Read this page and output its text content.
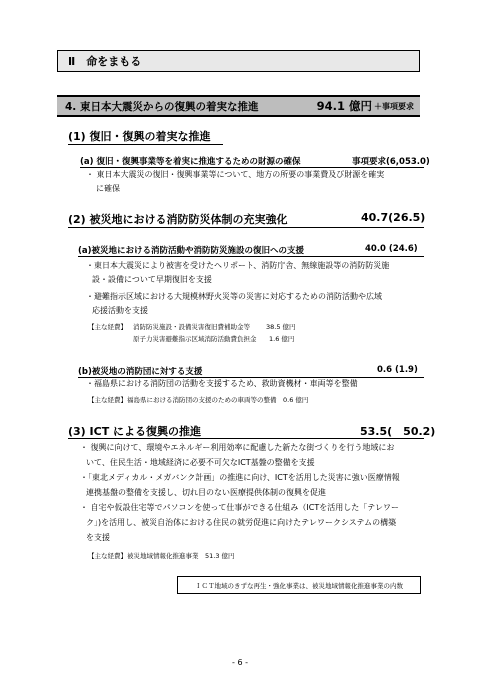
Ⅱ　命をまもる
4. 東日本大震災からの復興の着実な推進	94.1 億円 ＋事項要求
(1) 復旧・復興の着実な推進
(a) 復旧・復興事業等を着実に推進するための財源の確保	事項要求(6,053.0)
・ 東日本大震災の復旧・復興事業等について、地方の所要の事業費及び財源を確実
に確保
(2) 被災地における消防防災体制の充実強化	40.7(26.5)
(a)被災地における消防活動や消防防災施設の復旧への支援	40.0 (24.6)
・東日本大震災により被害を受けたヘリポート、消防庁舎、無線施設等の消防防災施
設・設備について早期復旧を支援
・避難指示区域における大規模林野火災等の災害に対応するための消防活動や広域
応援活動を支援
【主な経費】 消防防災施設・設備災害復旧費補助金等 38.5 億円
原子力災害避難指示区域消防活動費負担金 1.6 億円
(b)被災地の消防団に対する支援	0.6 (1.9)
・福島県における消防団の活動を支援するため、救助資機材・車両等を整備
【主な経費】福島県における消防団の支援のための車両等の整備　0.6 億円
(3) ICT による復興の推進	53.5(　50.2)
・ 復興に向けて、環境やエネルギー利用効率に配慮した新たな街づくりを行う地域にお
いて、住民生活・地域経済に必要不可欠なICT基盤の整備を支援
・「東北メディカル・メガバンク計画」の推進に向け、ICTを活用した災害に強い医療情報
連携基盤の整備を支援し、切れ目のない医療提供体制の復興を促進
・ 自宅や仮設住宅等でパソコンを使って仕事ができる仕組み（ICTを活用した「テレワー
ク」)を活用し、被災自治体における住民の就労促進に向けたテレワークシステムの構築
を支援
【主な経費】被災地域情報化推進事業　51.3 億円
ＩＣＴ地域のきずな再生・強化事業は、被災地域情報化推進事業の内数
- 6 -
